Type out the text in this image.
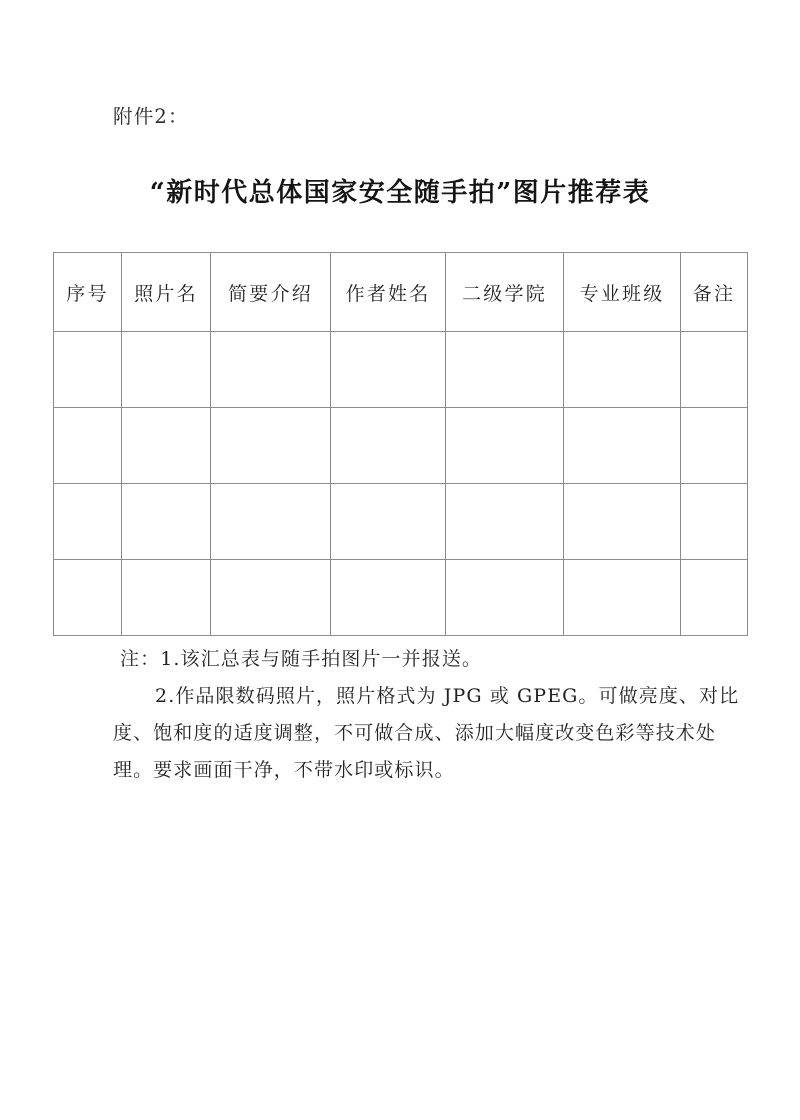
附件2：
“新时代总体国家安全随手拍”图片推荐表
序号	照片名	简要介绍	作者姓名	二级学院	专业班级	备注

注：1.该汇总表与随手拍图片一并报送。
2.作品限数码照片，照片格式为 JPG 或 GPEG。可做亮度、对比
度、饱和度的适度调整，不可做合成、添加大幅度改变色彩等技术处
理。要求画面干净，不带水印或标识。
